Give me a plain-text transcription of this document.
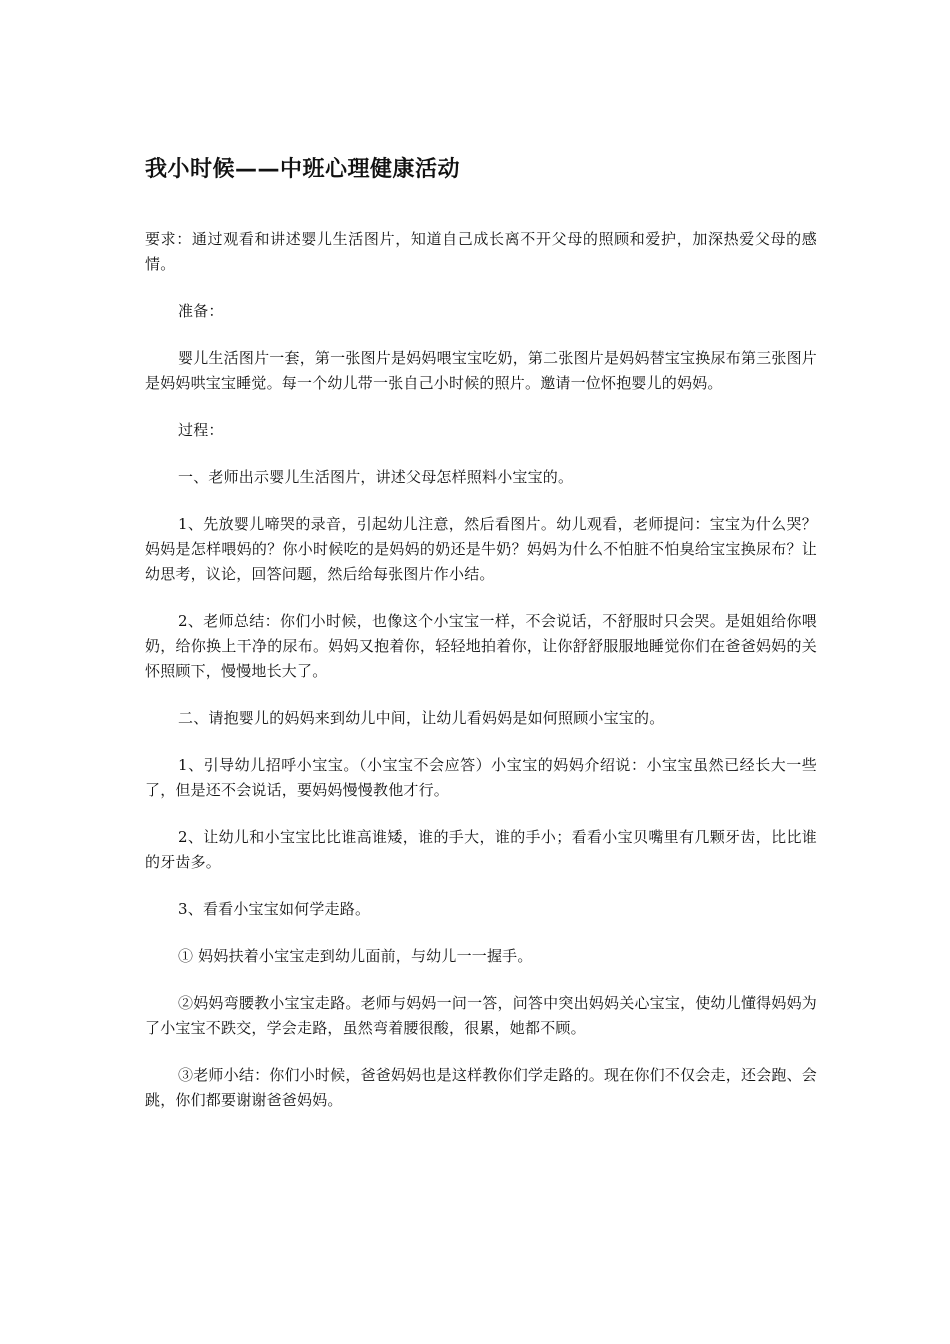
我小时候——中班心理健康活动

要求：通过观看和讲述婴儿生活图片，知道自己成长离不开父母的照顾和爱护，加深热爱父母的感情。

准备：

婴儿生活图片一套，第一张图片是妈妈喂宝宝吃奶，第二张图片是妈妈替宝宝换尿布第三张图片是妈妈哄宝宝睡觉。每一个幼儿带一张自己小时候的照片。邀请一位怀抱婴儿的妈妈。

过程：

一、老师出示婴儿生活图片，讲述父母怎样照料小宝宝的。

1、先放婴儿啼哭的录音，引起幼儿注意，然后看图片。幼儿观看，老师提问：宝宝为什么哭？妈妈是怎样喂妈的？你小时候吃的是妈妈的奶还是牛奶？妈妈为什么不怕脏不怕臭给宝宝换尿布？让幼思考，议论，回答问题，然后给每张图片作小结。

2、老师总结：你们小时候，也像这个小宝宝一样，不会说话，不舒服时只会哭。是姐姐给你喂奶，给你换上干净的尿布。妈妈又抱着你，轻轻地拍着你，让你舒舒服服地睡觉你们在爸爸妈妈的关怀照顾下，慢慢地长大了。

二、请抱婴儿的妈妈来到幼儿中间，让幼儿看妈妈是如何照顾小宝宝的。

1、引导幼儿招呼小宝宝。（小宝宝不会应答）小宝宝的妈妈介绍说：小宝宝虽然已经长大一些了，但是还不会说话，要妈妈慢慢教他才行。

2、让幼儿和小宝宝比比谁高谁矮，谁的手大，谁的手小；看看小宝贝嘴里有几颗牙齿，比比谁的牙齿多。

3、看看小宝宝如何学走路。

① 妈妈扶着小宝宝走到幼儿面前，与幼儿一一握手。

②妈妈弯腰教小宝宝走路。老师与妈妈一问一答，问答中突出妈妈关心宝宝，使幼儿懂得妈妈为了小宝宝不跌交，学会走路，虽然弯着腰很酸，很累，她都不顾。

③老师小结：你们小时候，爸爸妈妈也是这样教你们学走路的。现在你们不仅会走，还会跑、会跳，你们都要谢谢爸爸妈妈。
